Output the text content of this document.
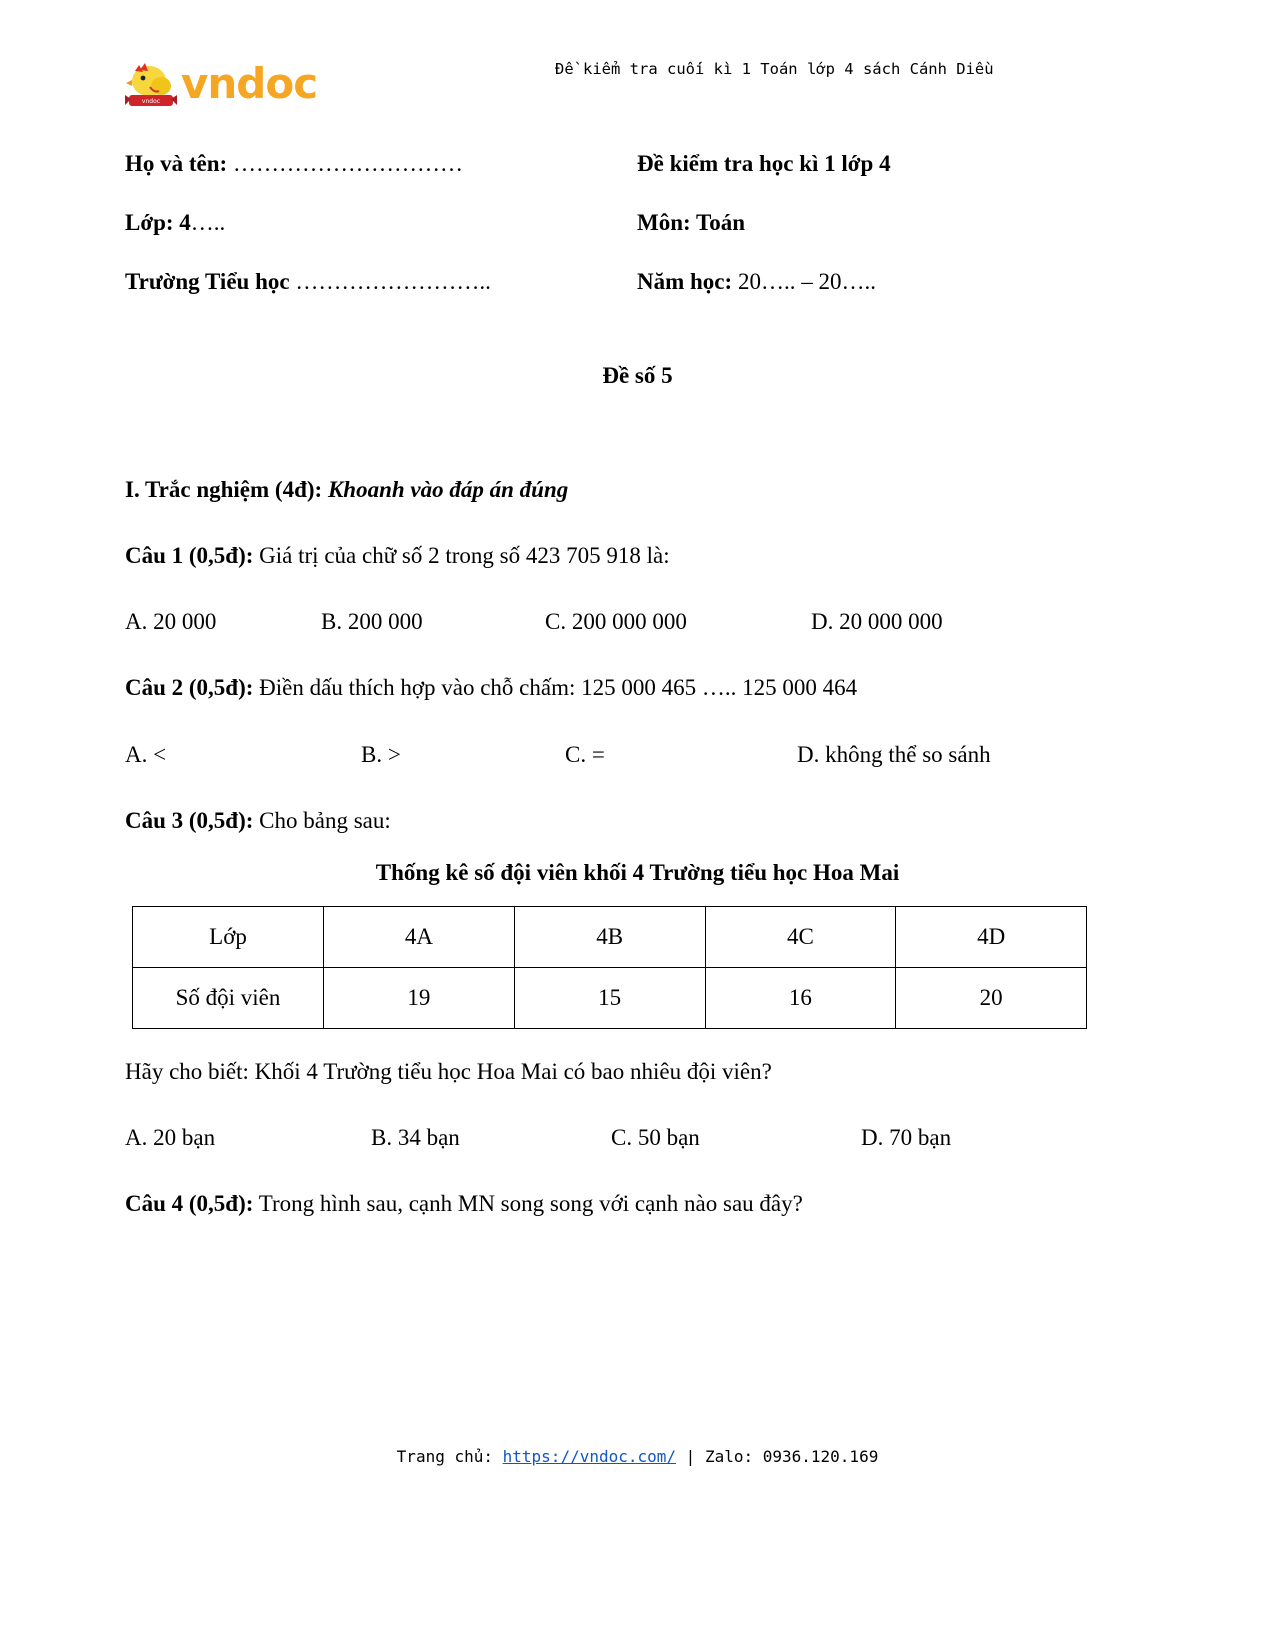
vndoc vndoc	Đề kiểm tra cuối kì 1 Toán lớp 4 sách Cánh Diều
Họ và tên: …………………………	Đề kiểm tra học kì 1 lớp 4
Lớp: 4…..	Môn: Toán
Trường Tiểu học ……………………..	Năm học: 20….. – 20…..
Đề số 5
I. Trắc nghiệm (4đ): Khoanh vào đáp án đúng
Câu 1 (0,5đ): Giá trị của chữ số 2 trong số 423 705 918 là:
A. 20 000	B. 200 000	C. 200 000 000	D. 20 000 000
Câu 2 (0,5đ): Điền dấu thích hợp vào chỗ chấm: 125 000 465 ….. 125 000 464
A. <	B. >	C. =	D. không thể so sánh
Câu 3 (0,5đ): Cho bảng sau:
Thống kê số đội viên khối 4 Trường tiểu học Hoa Mai
Lớp	4A	4B	4C	4D
Số đội viên	19	15	16	20
Hãy cho biết: Khối 4 Trường tiểu học Hoa Mai có bao nhiêu đội viên?
A. 20 bạn	B. 34 bạn	C. 50 bạn	D. 70 bạn
Câu 4 (0,5đ): Trong hình sau, cạnh MN song song với cạnh nào sau đây?
Trang chủ: https://vndoc.com/ | Zalo: 0936.120.169
